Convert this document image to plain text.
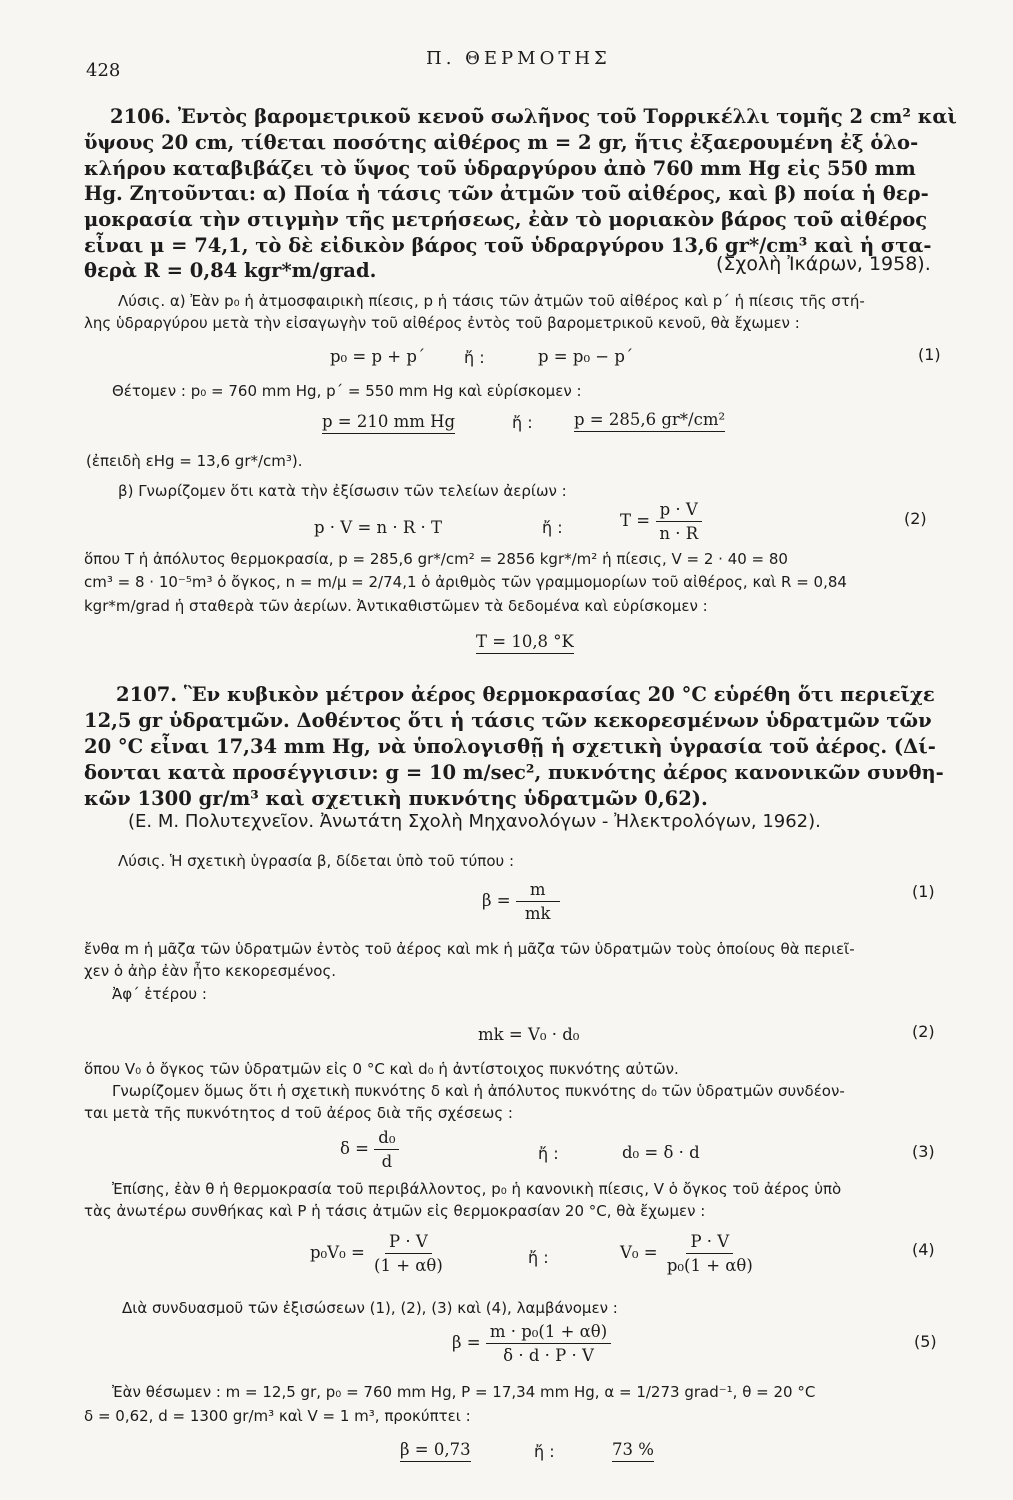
428
Π. ΘΕΡΜΟΤΗΣ
2106. Ἐντὸς βαρομετρικοῦ κενοῦ σωλῆνος τοῦ Τορρικέλλι τομῆς 2 cm² καὶ
ὕψους 20 cm, τίθεται ποσότης αἰθέρος m = 2 gr, ἥτις ἐξαερουμένη ἐξ ὁλο-
κλήρου καταβιβάζει τὸ ὕψος τοῦ ὑδραργύρου ἀπὸ 760 mm Hg εἰς 550 mm
Hg. Ζητοῦνται: α) Ποία ἡ τάσις τῶν ἀτμῶν τοῦ αἰθέρος, καὶ β) ποία ἡ θερ-
μοκρασία τὴν στιγμὴν τῆς μετρήσεως, ἐὰν τὸ μοριακὸν βάρος τοῦ αἰθέρος
εἶναι μ = 74,1, τὸ δὲ εἰδικὸν βάρος τοῦ ὑδραργύρου 13,6 gr*/cm³ καὶ ἡ στα-
θερὰ R = 0,84 kgr*m/grad.	(Σχολὴ Ἰκάρων, 1958).
Λύσις. α) Ἐὰν p₀ ἡ ἀτμοσφαιρικὴ πίεσις, p ἡ τάσις τῶν ἀτμῶν τοῦ αἰθέρος καὶ p΄ ἡ πίεσις τῆς στή-
λης ὑδραργύρου μετὰ τὴν εἰσαγωγὴν τοῦ αἰθέρος ἐντὸς τοῦ βαρομετρικοῦ κενοῦ, θὰ ἔχωμεν :
p₀ = p + p΄ ἤ :	p = p₀ − p΄	(1)
Θέτομεν : p₀ = 760 mm Hg, p΄ = 550 mm Hg καὶ εὑρίσκομεν :
p = 210 mm Hg	ἤ :	p = 285,6 gr*/cm²
(ἐπειδὴ εHg = 13,6 gr*/cm³).
β) Γνωρίζομεν ὅτι κατὰ τὴν ἐξίσωσιν τῶν τελείων ἀερίων :
p · V = n · R · T	ἤ :	$T = \frac{p \cdot V}{n \cdot R}$	(2)
ὅπου T ἡ ἀπόλυτος θερμοκρασία, p = 285,6 gr*/cm² = 2856 kgr*/m² ἡ πίεσις, V = 2 · 40 = 80
cm³ = 8 · 10⁻⁵m³ ὁ ὄγκος, n = m/μ = 2/74,1 ὁ ἀριθμὸς τῶν γραμμομορίων τοῦ αἰθέρος, καὶ R = 0,84
kgr*m/grad ἡ σταθερὰ τῶν ἀερίων. Ἀντικαθιστῶμεν τὰ δεδομένα καὶ εὑρίσκομεν :
T = 10,8 °K
2107. Ἓν κυβικὸν μέτρον ἀέρος θερμοκρασίας 20 °C εὑρέθη ὅτι περιεῖχε
12,5 gr ὑδρατμῶν. Δοθέντος ὅτι ἡ τάσις τῶν κεκορεσμένων ὑδρατμῶν τῶν
20 °C εἶναι 17,34 mm Hg, νὰ ὑπολογισθῇ ἡ σχετικὴ ὑγρασία τοῦ ἀέρος. (Δί-
δονται κατὰ προσέγγισιν: g = 10 m/sec², πυκνότης ἀέρος κανονικῶν συνθη-
κῶν 1300 gr/m³ καὶ σχετικὴ πυκνότης ὑδρατμῶν 0,62).
(Ε. Μ. Πολυτεχνεῖον. Ἀνωτάτη Σχολὴ Μηχανολόγων - Ἠλεκτρολόγων, 1962).
Λύσις. Ἡ σχετικὴ ὑγρασία β, δίδεται ὑπὸ τοῦ τύπου :
$\beta = \frac{m}{mk}$	(1)
ἔνθα m ἡ μᾶζα τῶν ὑδρατμῶν ἐντὸς τοῦ ἀέρος καὶ mk ἡ μᾶζα τῶν ὑδρατμῶν τοὺς ὁποίους θὰ περιεῖ-
χεν ὁ ἀὴρ ἐὰν ἦτο κεκορεσμένος.
Ἀφ΄ ἑτέρου :
mk = V₀ · d₀	(2)
ὅπου V₀ ὁ ὄγκος τῶν ὑδρατμῶν εἰς 0 °C καὶ d₀ ἡ ἀντίστοιχος πυκνότης αὐτῶν.
Γνωρίζομεν ὅμως ὅτι ἡ σχετικὴ πυκνότης δ καὶ ἡ ἀπόλυτος πυκνότης d₀ τῶν ὑδρατμῶν συνδέον-
ται μετὰ τῆς πυκνότητος d τοῦ ἀέρος διὰ τῆς σχέσεως :
$\delta = \frac{\text{d₀}}{d}$	ἤ :	d₀ = δ · d	(3)
Ἐπίσης, ἐὰν θ ἡ θερμοκρασία τοῦ περιβάλλοντος, p₀ ἡ κανονικὴ πίεσις, V ὁ ὄγκος τοῦ ἀέρος ὑπὸ
τὰς ἀνωτέρω συνθήκας καὶ P ἡ τάσις ἀτμῶν εἰς θερμοκρασίαν 20 °C, θὰ ἔχωμεν :
$p_0V_0 = \frac{P \cdot V}{(1 + \alpha\theta)}$	ἤ :	$V_0 = \frac{P \cdot V}{\text{p₀(1 + αθ)}}$	(4)
Διὰ συνδυασμοῦ τῶν ἐξισώσεων (1), (2), (3) καὶ (4), λαμβάνομεν :
$\beta = \frac{\text{m · p₀(1 + αθ)}}{\delta \cdot d \cdot P \cdot V}$	(5)
Ἐὰν θέσωμεν : m = 12,5 gr, p₀ = 760 mm Hg, P = 17,34 mm Hg, α = 1/273 grad⁻¹, θ = 20 °C
δ = 0,62, d = 1300 gr/m³ καὶ V = 1 m³, προκύπτει :
β = 0,73	ἤ :	73 %
